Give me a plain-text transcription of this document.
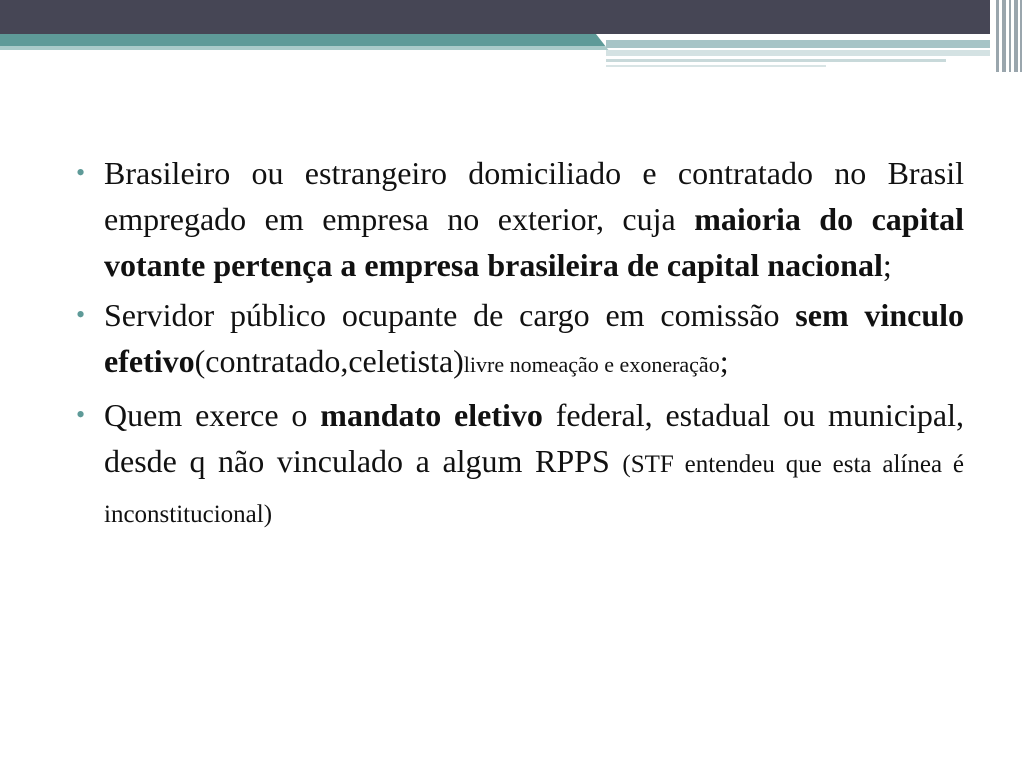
• Brasileiro ou estrangeiro domiciliado e contratado no Brasil empregado em empresa no exterior, cuja maioria do capital votante pertença a empresa brasileira de capital nacional;
• Servidor público ocupante de cargo em comissão sem vinculo efetivo(contratado,celetista)livre nomeação e exoneração;
• Quem exerce o mandato eletivo federal, estadual ou municipal, desde q não vinculado a algum RPPS (STF entendeu que esta alínea é inconstitucional)
